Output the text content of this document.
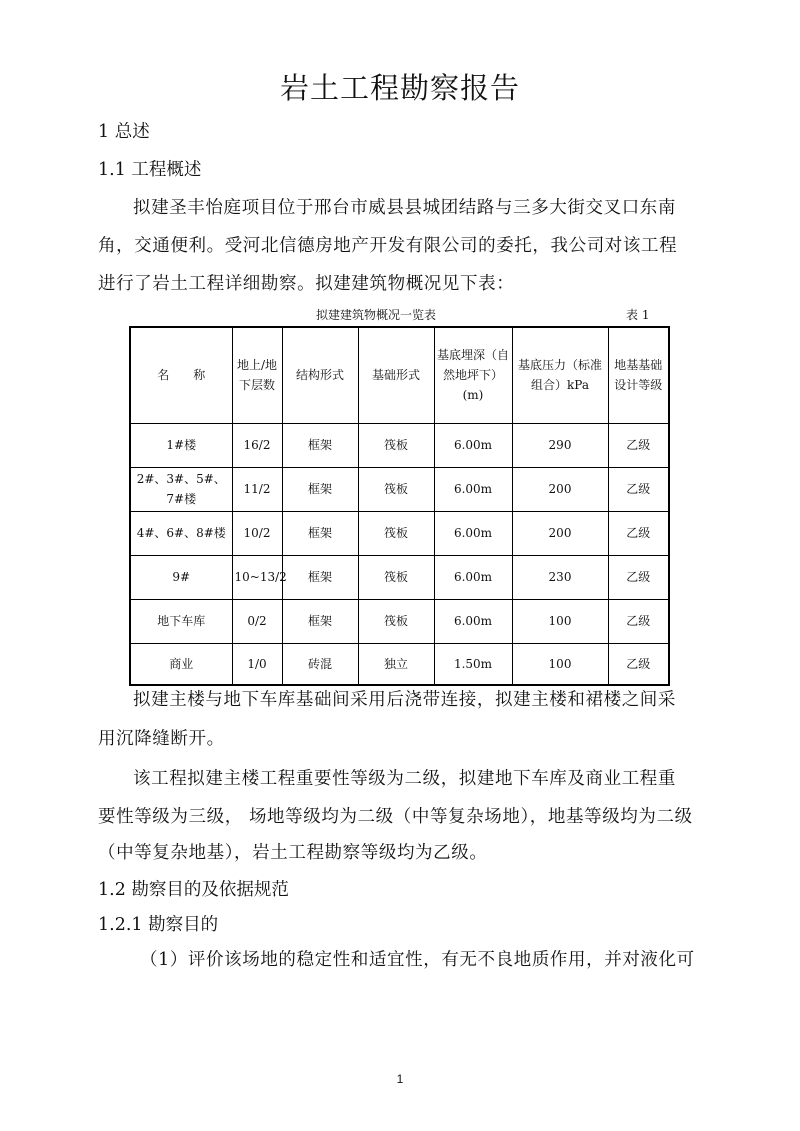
岩土工程勘察报告
1 总述
1.1 工程概述
拟建圣丰怡庭项目位于邢台市威县县城团结路与三多大街交叉口东南
角，交通便利。受河北信德房地产开发有限公司的委托，我公司对该工程
进行了岩土工程详细勘察。拟建建筑物概况见下表：
拟建建筑物概况一览表	表 1
名　　称	地上/地下层数	结构形式	基础形式	基底埋深（自然地坪下）(m)	基底压力（标准组合）kPa	地基基础设计等级
1#楼	16/2	框架	筏板	6.00m	290	乙级
2#、3#、5#、7#楼	11/2	框架	筏板	6.00m	200	乙级
4#、6#、8#楼	10/2	框架	筏板	6.00m	200	乙级
9#	10~13/2	框架	筏板	6.00m	230	乙级
地下车库	0/2	框架	筏板	6.00m	100	乙级
商业	1/0	砖混	独立	1.50m	100	乙级
拟建主楼与地下车库基础间采用后浇带连接，拟建主楼和裙楼之间采
用沉降缝断开。
该工程拟建主楼工程重要性等级为二级，拟建地下车库及商业工程重
要性等级为三级， 场地等级均为二级（中等复杂场地），地基等级均为二级
（中等复杂地基），岩土工程勘察等级均为乙级。
1.2 勘察目的及依据规范
1.2.1 勘察目的
（1）评价该场地的稳定性和适宜性，有无不良地质作用，并对液化可
1
